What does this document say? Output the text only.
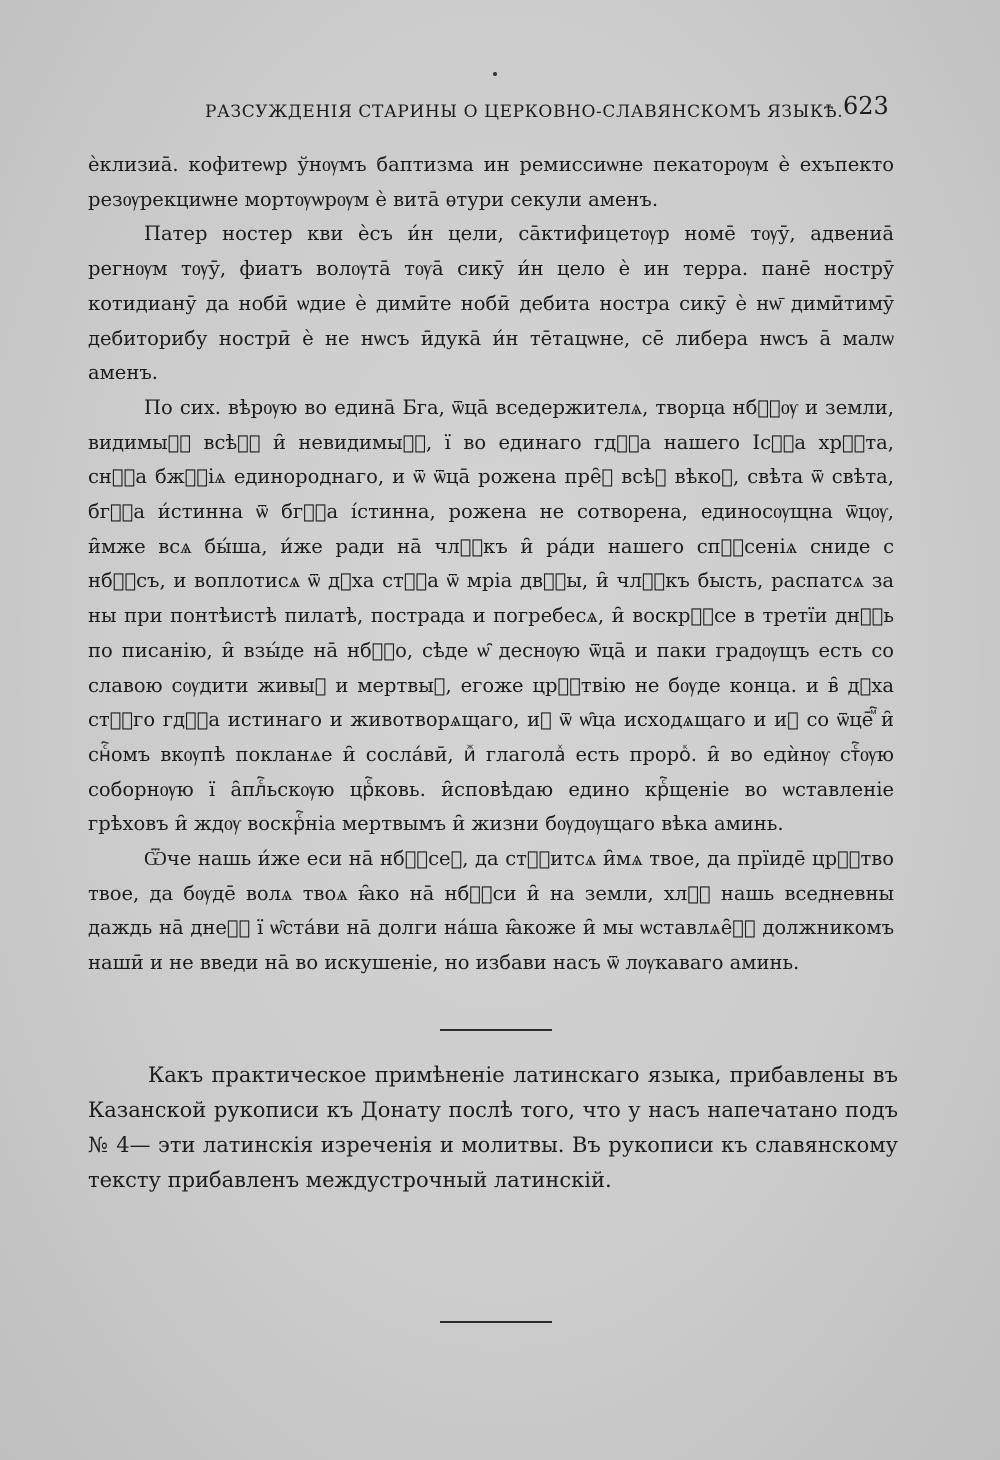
РАЗСУЖДЕНІЯ СТАРИНЫ О ЦЕРКОВНО-СЛАВЯНСКОМЪ ЯЗЫКѢ. 623

ѐклизиā. кофитеѡр ўнѹмъ баптизма ин ремиссиѡне пекаторѹм ѐ ехъпекто резѹрекциѡне мортѹѡрѹм ѐ витā ѳтури секули аменъ.

Патер ностер кви ѐсъ и́н цели, сāктифицетѹр номē тѹȳ, адвениā регнѹм тѹȳ, фиатъ волѹтā тѹā сикȳ и́н цело ѐ ин терра. панē нострȳ котидианȳ да нобӣ ѡдие ѐ димӣте нобӣ дебита ностра сикȳ ѐ нѡ̄ димӣтимȳ дебиторибу нострӣ ѐ не нѡсъ ӣдукā и́н тēтацѡне, се̄ либера нѡсъ а̄ малѡ аменъ.

По сих. вѣрѹю во единā Бга, ѿцā вседержителѧ, творца нбⷭ҇ѹ и земли, видимыⷨ҇ всѣⷨ҇ и̑ невидимыⷨ҇, ї во единаго гдⷭ҇а нашего Ісⷭ҇а хрⷭ҇та, снⷭ҇а бжⷭ҇іѧ единороднаго, и ѿ ѿцā рожена пре̑ⷤ всѣⷯ вѣкоⷡ, свѣта ѿ свѣта, бгⷭ҇а и́стинна ѿ бгⷭ҇а і́стинна, рожена не сотворена, единосѹщна ѿцѹ, и̑мже всѧ бы́ша, и́же ради нā члⷭ҇къ и̑ ра́ди нашего спⷭ҇сеніѧ сниде с нбⷭ҇съ, и воплотисѧ ѿ дⷯха стⷭ҇а ѿ мріа двⷭ҇ы, и̑ члⷭ҇къ бысть, распатсѧ за ны при понтѣистѣ пилатѣ, пострада и погребесѧ, и̑ воскрⷭ҇се в третїи днⷭ҇ь по писанію, и̑ взы́де нā нбⷭ҇о, сѣде ѡ̑ деснѹю ѿцā и паки градѹщъ есть со славою сѹдити живыⷯ и мертвыⷯ, егоже црⷭ҇твію не бѹде конца. и в̑ дⷯха стⷭ҇го гдⷭ҇а истинаго и животворѧщаго, иⷤ ѿ ѡ̑ца исходѧщаго и иⷤ со ѿцēⷨ҇ и̑ снⷭ҇омъ вкѹпѣ покланѧе и̑ сосла́вӣ, иⷤ глаголаⷯ есть пророⷦ. и̑ во едѝнѹ стⷭ҇ѹю соборнѹю ї а̑плⷭ҇ьскѹю црⷭ҇ковь. и̑сповѣдаю едино крⷭ҇щеніе во ѡставленіе грѣховъ и̑ ждѹ воскрⷭ҇ніа мертвымъ и̑ жизни бѹдѹщаго вѣка аминь.

Ѿче нашь и́же еси нā нбⷭ҇сеⷯ, да стⷭ҇итсѧ и̑мѧ твое, да прїидē црⷭ҇тво твое, да бѹдē волѧ твоѧ ꙗ̑ко нā нбⷭ҇си и̑ на земли, хлⷷ҇ нашь вседневны даждь нā днеⷭ҇ ї ѡ̑ста́ви нā долги на́ша ꙗ̑коже и̑ мы ѡставлѧе̑ⷨ҇ должникомъ нашӣ и не введи нā во искушеніе, но избави насъ ѿ лѹкаваго аминь.

Какъ практическое примѣненіе латинскаго языка, прибавлены въ Казанской рукописи къ Донату послѣ того, что у насъ напечатано подъ № 4— эти латинскія изреченія и молитвы. Въ рукописи къ славянскому тексту прибавленъ междустрочный латинскій.
